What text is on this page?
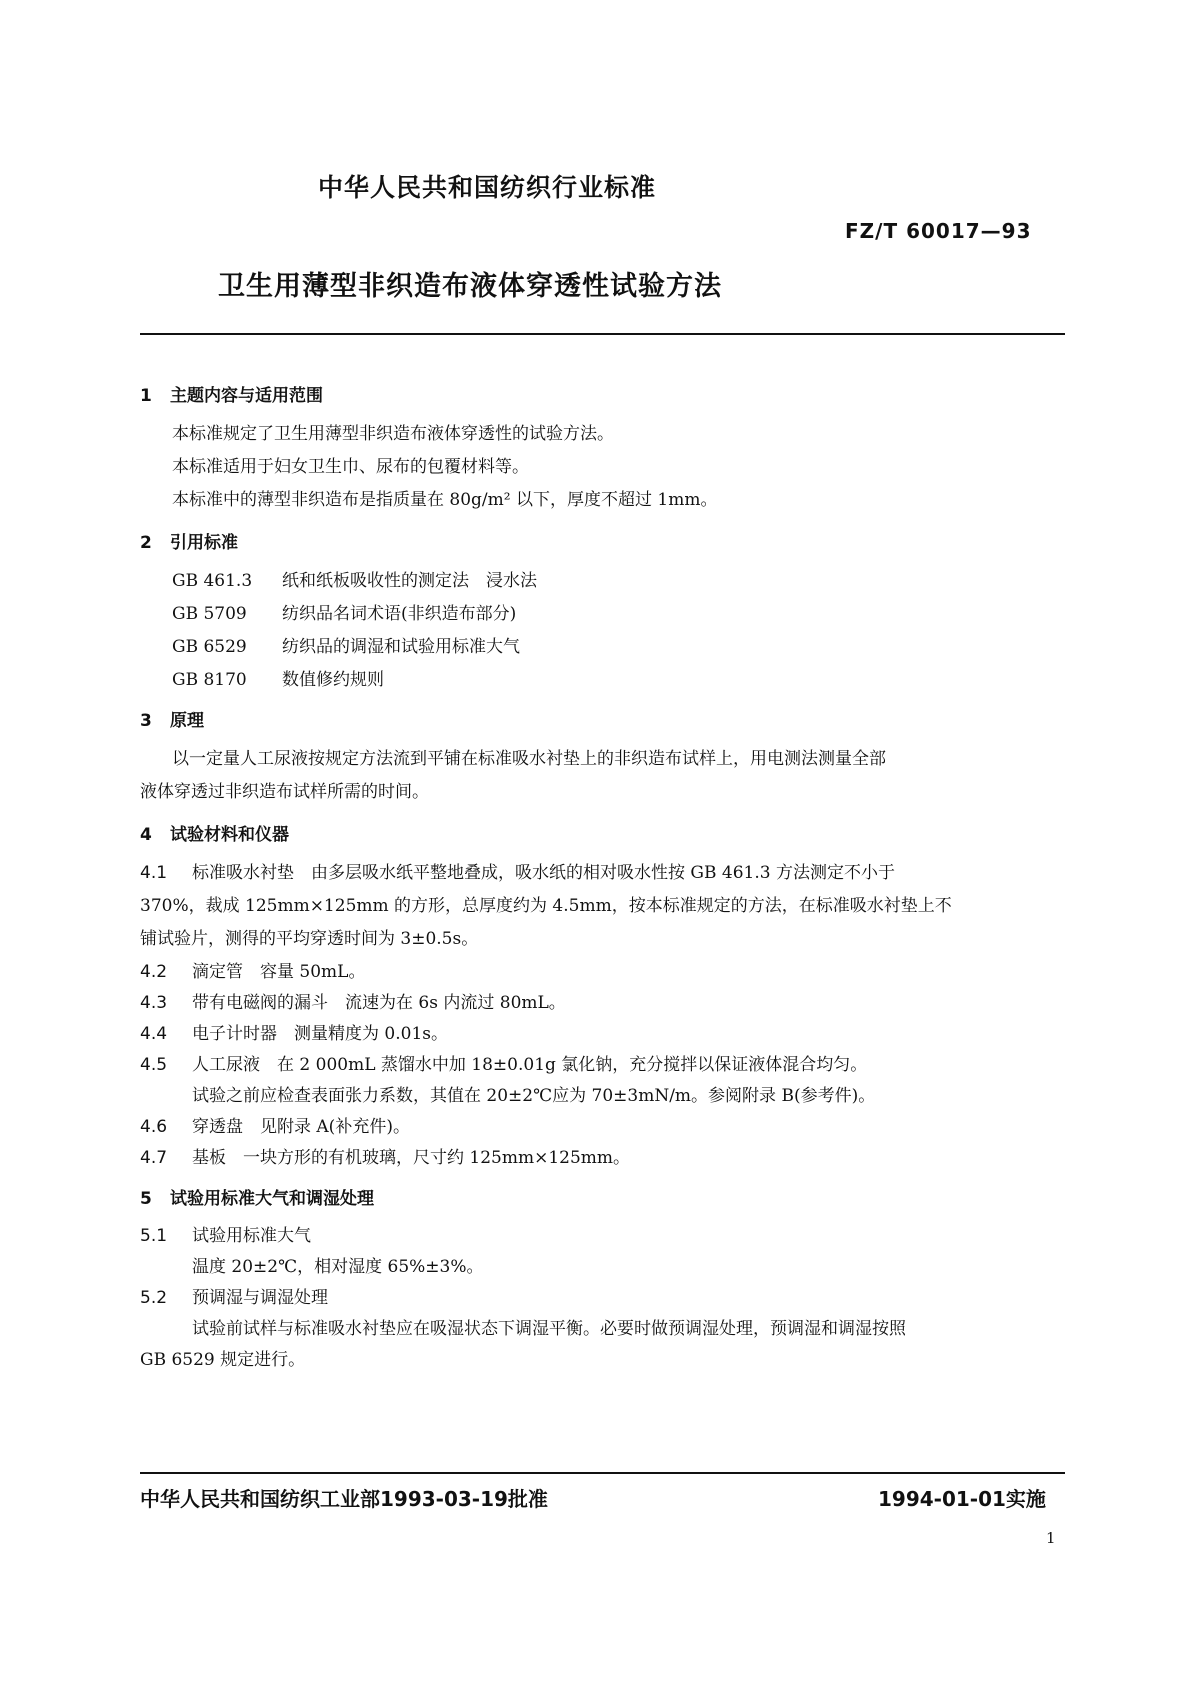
中华人民共和国纺织行业标准
FZ/T 60017—93
卫生用薄型非织造布液体穿透性试验方法
1 主题内容与适用范围
本标准规定了卫生用薄型非织造布液体穿透性的试验方法。
本标准适用于妇女卫生巾、尿布的包覆材料等。
本标准中的薄型非织造布是指质量在 80g/m² 以下，厚度不超过 1mm。
2 引用标准
GB 461.3 纸和纸板吸收性的测定法　浸水法
GB 5709 纺织品名词术语(非织造布部分)
GB 6529 纺织品的调湿和试验用标准大气
GB 8170 数值修约规则
3 原理
以一定量人工尿液按规定方法流到平铺在标准吸水衬垫上的非织造布试样上，用电测法测量全部
液体穿透过非织造布试样所需的时间。
4 试验材料和仪器
4.1 标准吸水衬垫　由多层吸水纸平整地叠成，吸水纸的相对吸水性按 GB 461.3 方法测定不小于
370%，裁成 125mm×125mm 的方形，总厚度约为 4.5mm，按本标准规定的方法，在标准吸水衬垫上不
铺试验片，测得的平均穿透时间为 3±0.5s。
4.2 滴定管　容量 50mL。
4.3 带有电磁阀的漏斗　流速为在 6s 内流过 80mL。
4.4 电子计时器　测量精度为 0.01s。
4.5 人工尿液　在 2 000mL 蒸馏水中加 18±0.01g 氯化钠，充分搅拌以保证液体混合均匀。
试验之前应检查表面张力系数，其值在 20±2℃应为 70±3mN/m。参阅附录 B(参考件)。
4.6 穿透盘　见附录 A(补充件)。
4.7 基板　一块方形的有机玻璃，尺寸约 125mm×125mm。
5 试验用标准大气和调湿处理
5.1 试验用标准大气
温度 20±2℃，相对湿度 65%±3%。
5.2 预调湿与调湿处理
试验前试样与标准吸水衬垫应在吸湿状态下调湿平衡。必要时做预调湿处理，预调湿和调湿按照
GB 6529 规定进行。
中华人民共和国纺织工业部1993-03-19批准	1994-01-01实施
1
